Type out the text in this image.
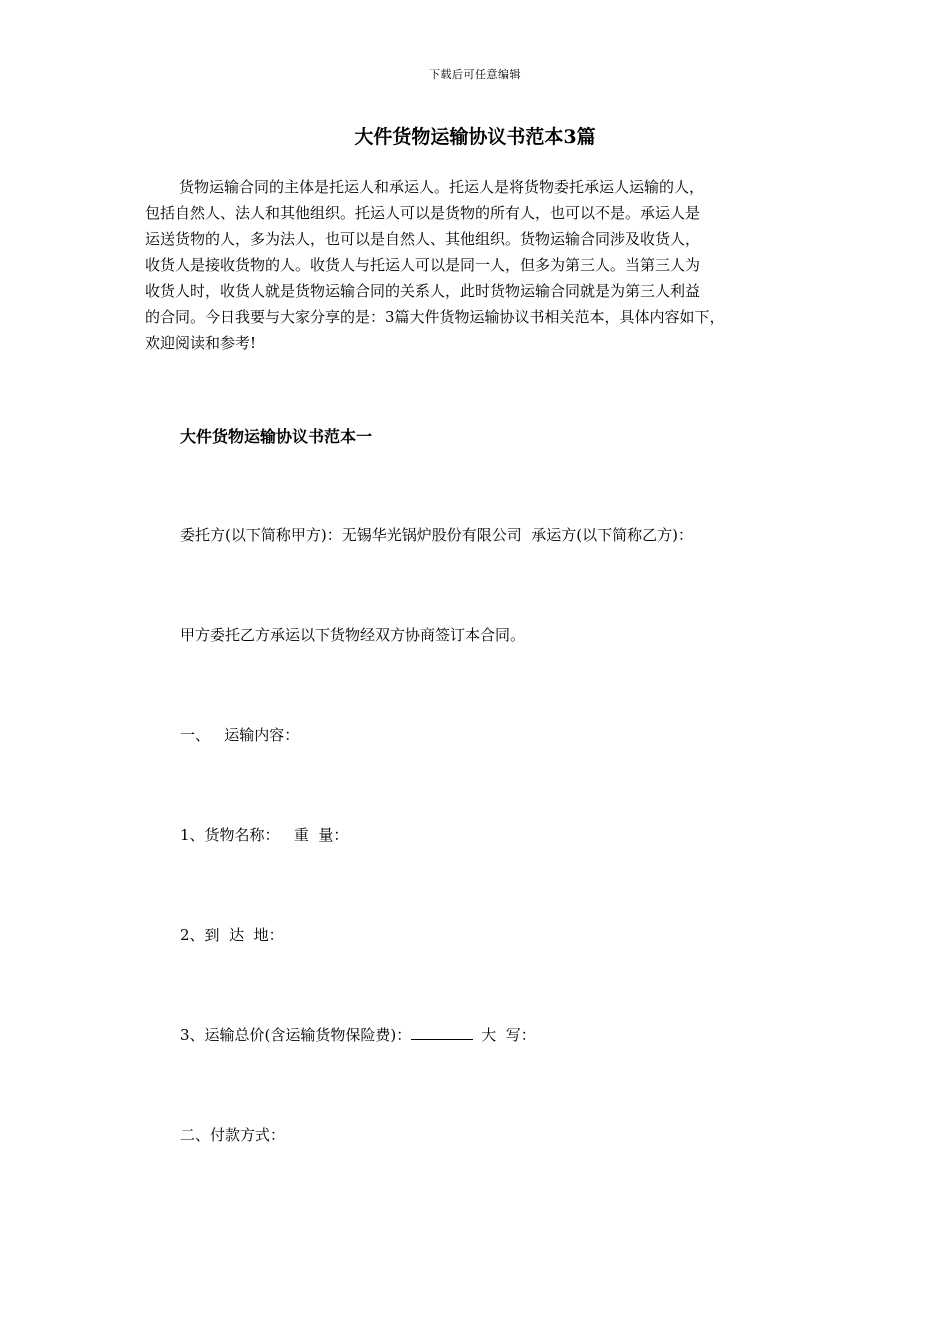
下载后可任意编辑
大件货物运输协议书范本3篇
货物运输合同的主体是托运人和承运人。托运人是将货物委托承运人运输的人，
包括自然人、法人和其他组织。托运人可以是货物的所有人，也可以不是。承运人是
运送货物的人，多为法人，也可以是自然人、其他组织。货物运输合同涉及收货人，
收货人是接收货物的人。收货人与托运人可以是同一人，但多为第三人。当第三人为
收货人时，收货人就是货物运输合同的关系人，此时货物运输合同就是为第三人利益
的合同。今日我要与大家分享的是：3篇大件货物运输协议书相关范本，具体内容如下，
欢迎阅读和参考!
大件货物运输协议书范本一
委托方(以下简称甲方)：无锡华光锅炉股份有限公司  承运方(以下简称乙方)：
甲方委托乙方承运以下货物经双方协商签订本合同。
一、   运输内容：
1、货物名称：   重  量：
2、到  达  地：
3、运输总价(含运输货物保险费)：	大  写：
二、付款方式：
